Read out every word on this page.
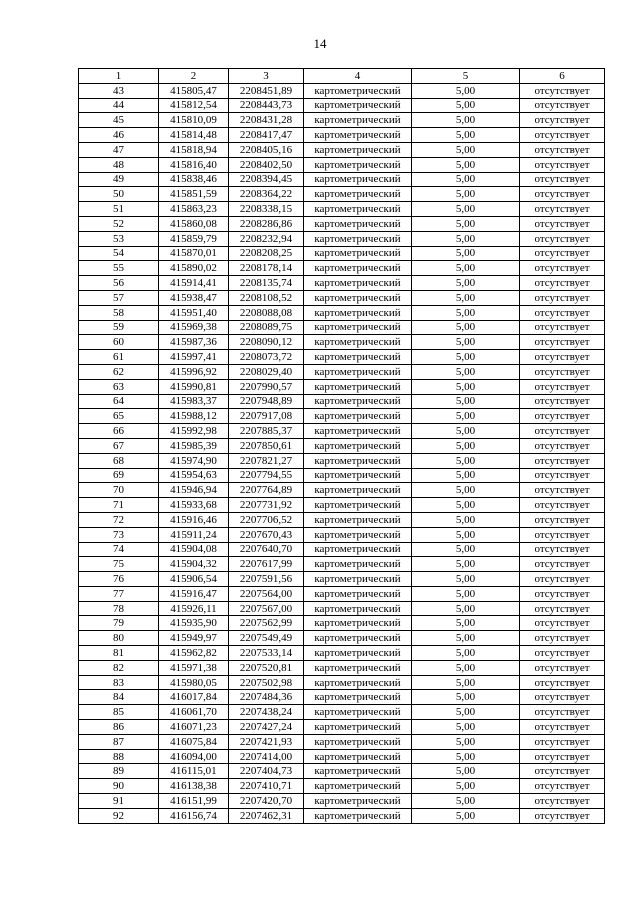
14
1	2	3	4	5	6
43	415805,47	2208451,89	картометрический	5,00	отсутствует
44	415812,54	2208443,73	картометрический	5,00	отсутствует
45	415810,09	2208431,28	картометрический	5,00	отсутствует
46	415814,48	2208417,47	картометрический	5,00	отсутствует
47	415818,94	2208405,16	картометрический	5,00	отсутствует
48	415816,40	2208402,50	картометрический	5,00	отсутствует
49	415838,46	2208394,45	картометрический	5,00	отсутствует
50	415851,59	2208364,22	картометрический	5,00	отсутствует
51	415863,23	2208338,15	картометрический	5,00	отсутствует
52	415860,08	2208286,86	картометрический	5,00	отсутствует
53	415859,79	2208232,94	картометрический	5,00	отсутствует
54	415870,01	2208208,25	картометрический	5,00	отсутствует
55	415890,02	2208178,14	картометрический	5,00	отсутствует
56	415914,41	2208135,74	картометрический	5,00	отсутствует
57	415938,47	2208108,52	картометрический	5,00	отсутствует
58	415951,40	2208088,08	картометрический	5,00	отсутствует
59	415969,38	2208089,75	картометрический	5,00	отсутствует
60	415987,36	2208090,12	картометрический	5,00	отсутствует
61	415997,41	2208073,72	картометрический	5,00	отсутствует
62	415996,92	2208029,40	картометрический	5,00	отсутствует
63	415990,81	2207990,57	картометрический	5,00	отсутствует
64	415983,37	2207948,89	картометрический	5,00	отсутствует
65	415988,12	2207917,08	картометрический	5,00	отсутствует
66	415992,98	2207885,37	картометрический	5,00	отсутствует
67	415985,39	2207850,61	картометрический	5,00	отсутствует
68	415974,90	2207821,27	картометрический	5,00	отсутствует
69	415954,63	2207794,55	картометрический	5,00	отсутствует
70	415946,94	2207764,89	картометрический	5,00	отсутствует
71	415933,68	2207731,92	картометрический	5,00	отсутствует
72	415916,46	2207706,52	картометрический	5,00	отсутствует
73	415911,24	2207670,43	картометрический	5,00	отсутствует
74	415904,08	2207640,70	картометрический	5,00	отсутствует
75	415904,32	2207617,99	картометрический	5,00	отсутствует
76	415906,54	2207591,56	картометрический	5,00	отсутствует
77	415916,47	2207564,00	картометрический	5,00	отсутствует
78	415926,11	2207567,00	картометрический	5,00	отсутствует
79	415935,90	2207562,99	картометрический	5,00	отсутствует
80	415949,97	2207549,49	картометрический	5,00	отсутствует
81	415962,82	2207533,14	картометрический	5,00	отсутствует
82	415971,38	2207520,81	картометрический	5,00	отсутствует
83	415980,05	2207502,98	картометрический	5,00	отсутствует
84	416017,84	2207484,36	картометрический	5,00	отсутствует
85	416061,70	2207438,24	картометрический	5,00	отсутствует
86	416071,23	2207427,24	картометрический	5,00	отсутствует
87	416075,84	2207421,93	картометрический	5,00	отсутствует
88	416094,00	2207414,00	картометрический	5,00	отсутствует
89	416115,01	2207404,73	картометрический	5,00	отсутствует
90	416138,38	2207410,71	картометрический	5,00	отсутствует
91	416151,99	2207420,70	картометрический	5,00	отсутствует
92	416156,74	2207462,31	картометрический	5,00	отсутствует
